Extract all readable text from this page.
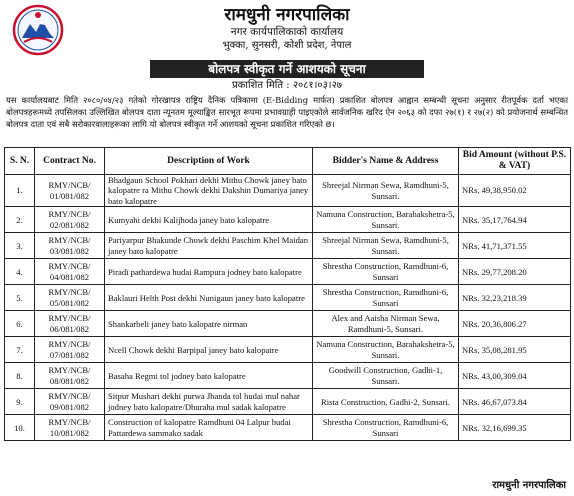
रामधुनी नगरपालिका
नगर कार्यपालिकाको कार्यालय
भुक्का, सुनसरी, कोशी प्रदेश, नेपाल
बोलपत्र स्वीकृत गर्ने आशयको सूचना
प्रकाशित मिति : २०८१।०३।२७
यस कार्यालयबाट मिति २०८०/०४/२३ गतेको गोरखापत्र राष्ट्रिय दैनिक पत्रिकामा (E-Bidding मार्फत) प्रकाशित बोलपत्र आह्वान सम्बन्धी सूचना अनुसार रीतपूर्वक दर्ता भएका बोलपत्रहरूमध्ये तपसिलका उल्लिखित बोलपत्र दाता न्यूनतम मूल्याङ्कित सारभूत रूपमा प्रभावग्राही पाइएकोले सार्वजनिक खरिद ऐन २०६३ को दफा २७(१) र २७(२) को प्रयोजनार्थ सम्बन्धित बोलपत्र दाता एवं सबै सरोकारवालाहरूका लागि यो बोलपत्र स्वीकृत गर्ने आशयको सूचना प्रकाशित गरिएको छ।
S. N.	Contract No.	Description of Work	Bidder's Name & Address	Bid Amount (without P.S. & VAT)
1.	RMY/NCB/ 01/081/082	Bhadgaun School Pokhari dekhi Mithu Chowk janey bato kalopatre ra Mithu Chowk dekhi Dakshin Dumariya janey bato kalopatre	Shreejal Nirman Sewa, Ramdhuni-5, Sunsari.	NRs. 49,38,950.02
2.	RMY/NCB/ 02/081/082	Kumyahi dekhi Kalijhoda janey bato kalopatre	Namuna Construction, Barahakshetra-5, Sunsari.	NRs. 35,17,764.94
3.	RMY/NCB/ 03/081/082	Pariyarpur Bhakunde Chowk dekhi Paschim Khel Maidan janey bato kalopatre	Shreejal Nirman Sewa, Ramdhuni-5, Sunsari.	NRs. 41,71,371.55
4.	RMY/NCB/ 04/081/082	Piradi pathardewa hudai Rampura jodney bato kalopatre	Shrestha Construction, Ramdhuni-6, Sunsari	NRs. 29,77,208.20
5.	RMY/NCB/ 05/081/082	Baklauri Helth Post dekhi Nunigaun janey bato kalopatre	Shrestha Construction, Ramdhuni-6, Sunsari	NRs. 32,23,218.39
6.	RMY/NCB/ 06/081/082	Shankarbeli janey bato kalopatre nirman	Alex and Aaisha Nirman Sewa, Ramdhuni-5, Sunsari.	NRs. 20,36,806.27
7.	RMY/NCB/ 07/081/082	Ncell Chowk dekhi Barpipal janey bato kalopatre	Namuna Construction, Barahakshetra-5, Sunsari.	NRs. 35,08,281.95
8.	RMY/NCB/ 08/081/082	Basaha Regmi tol jodney bato kalopatre	Goodwill Construction, Gadhi-1, Sunsari.	NRs. 43,00,309.04
9.	RMY/NCB/ 09/081/082	Sitpur Mushari dekhi purwa Jhanda tol hudai mul nahar jodney bato kalopatre/Dhuraha mul sadak kalopatre	Rista Construction, Gadhi-2, Sunsari.	NRs. 46,67,073.84
10.	RMY/NCB/ 10/081/082	Construction of kalopatre Ramdhuni 04 Lalpur hudai Pattardewa sammako sadak	Shrestha Construction, Ramdhuni-6, Sunsari	NRs. 32,16,699.35

रामधुनी नगरपालिका
